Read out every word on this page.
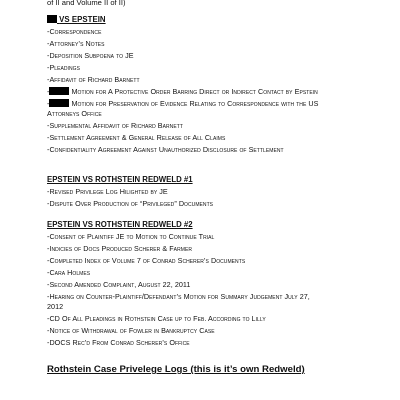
of II and Volume II of II)
VS EPSTEIN
-Correspondence
-Attorney’s Notes
-Deposition Subpoena to JE
-Pleadings
-Affidavit of Richard Barnett
-	Motion for A Protective Order Barring Direct or Indirect Contact by Epstein
-	Motion for Preservation of Evidence Relating to Correspondence with the US
Attorneys Office
-Supplemental Affidavit of Richard Barnett
-Settlement Agreement & General Release of All Claims
-Confidentiality Agreement Against Unauthorized Disclosure of Settlement
EPSTEIN VS ROTHSTEIN REDWELD #1
-Revised Privilege Log Hilighted by JE
-Dispute Over Production of “Privileged” Documents
EPSTEIN VS ROTHSTEIN REDWELD #2
-Consent of Plaintiff JE to Motion to Continue Trial
-Indicies of Docs Produced Scherer & Farmer
-Completed Index of Volume 7 of Conrad Scherer’s Documents
-Cara Holmes
-Second Amended Complaint, August 22, 2011
-Hearing on Counter-Plaintiff/Defendant’s Motion for Summary Judgement July 27,
2012
-CD Of All Pleadings in Rothstein Case up to Feb. According to Lilly
-Notice of Withdrawal of Fowler in Bankruptcy Case
-DOCS Rec’d From Conrad Scherer’s Office
Rothstein Case Privelege Logs (this is it’s own Redweld)
